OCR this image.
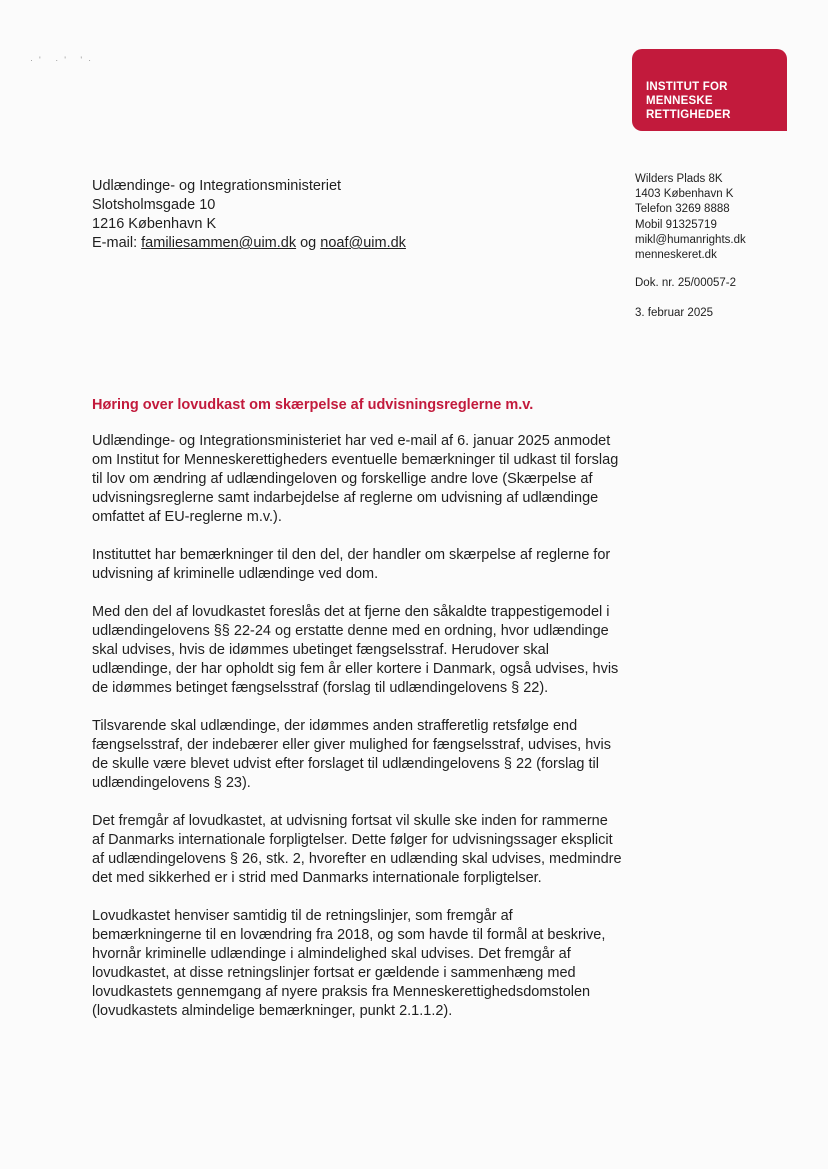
·' ·' '·
INSTITUT FOR
MENNESKE
RETTIGHEDER
Udlændinge- og Integrationsministeriet
Slotsholmsgade 10
1216 København K
E-mail: familiesammen@uim.dk og noaf@uim.dk
Wilders Plads 8K
1403 København K
Telefon 3269 8888
Mobil 91325719
mikl@humanrights.dk
menneskeret.dk
Dok. nr. 25/00057-2
3. februar 2025
Høring over lovudkast om skærpelse af udvisningsreglerne m.v.

Udlændinge- og Integrationsministeriet har ved e-mail af 6. januar 2025 anmodet
om Institut for Menneskerettigheders eventuelle bemærkninger til udkast til forslag
til lov om ændring af udlændingeloven og forskellige andre love (Skærpelse af
udvisningsreglerne samt indarbejdelse af reglerne om udvisning af udlændinge
omfattet af EU-reglerne m.v.).

Instituttet har bemærkninger til den del, der handler om skærpelse af reglerne for
udvisning af kriminelle udlændinge ved dom.

Med den del af lovudkastet foreslås det at fjerne den såkaldte trappestigemodel i
udlændingelovens §§ 22-24 og erstatte denne med en ordning, hvor udlændinge
skal udvises, hvis de idømmes ubetinget fængselsstraf. Herudover skal
udlændinge, der har opholdt sig fem år eller kortere i Danmark, også udvises, hvis
de idømmes betinget fængselsstraf (forslag til udlændingelovens § 22).

Tilsvarende skal udlændinge, der idømmes anden strafferetlig retsfølge end
fængselsstraf, der indebærer eller giver mulighed for fængselsstraf, udvises, hvis
de skulle være blevet udvist efter forslaget til udlændingelovens § 22 (forslag til
udlændingelovens § 23).

Det fremgår af lovudkastet, at udvisning fortsat vil skulle ske inden for rammerne
af Danmarks internationale forpligtelser. Dette følger for udvisningssager eksplicit
af udlændingelovens § 26, stk. 2, hvorefter en udlænding skal udvises, medmindre
det med sikkerhed er i strid med Danmarks internationale forpligtelser.

Lovudkastet henviser samtidig til de retningslinjer, som fremgår af
bemærkningerne til en lovændring fra 2018, og som havde til formål at beskrive,
hvornår kriminelle udlændinge i almindelighed skal udvises. Det fremgår af
lovudkastet, at disse retningslinjer fortsat er gældende i sammenhæng med
lovudkastets gennemgang af nyere praksis fra Menneskerettighedsdomstolen
(lovudkastets almindelige bemærkninger, punkt 2.1.1.2).
